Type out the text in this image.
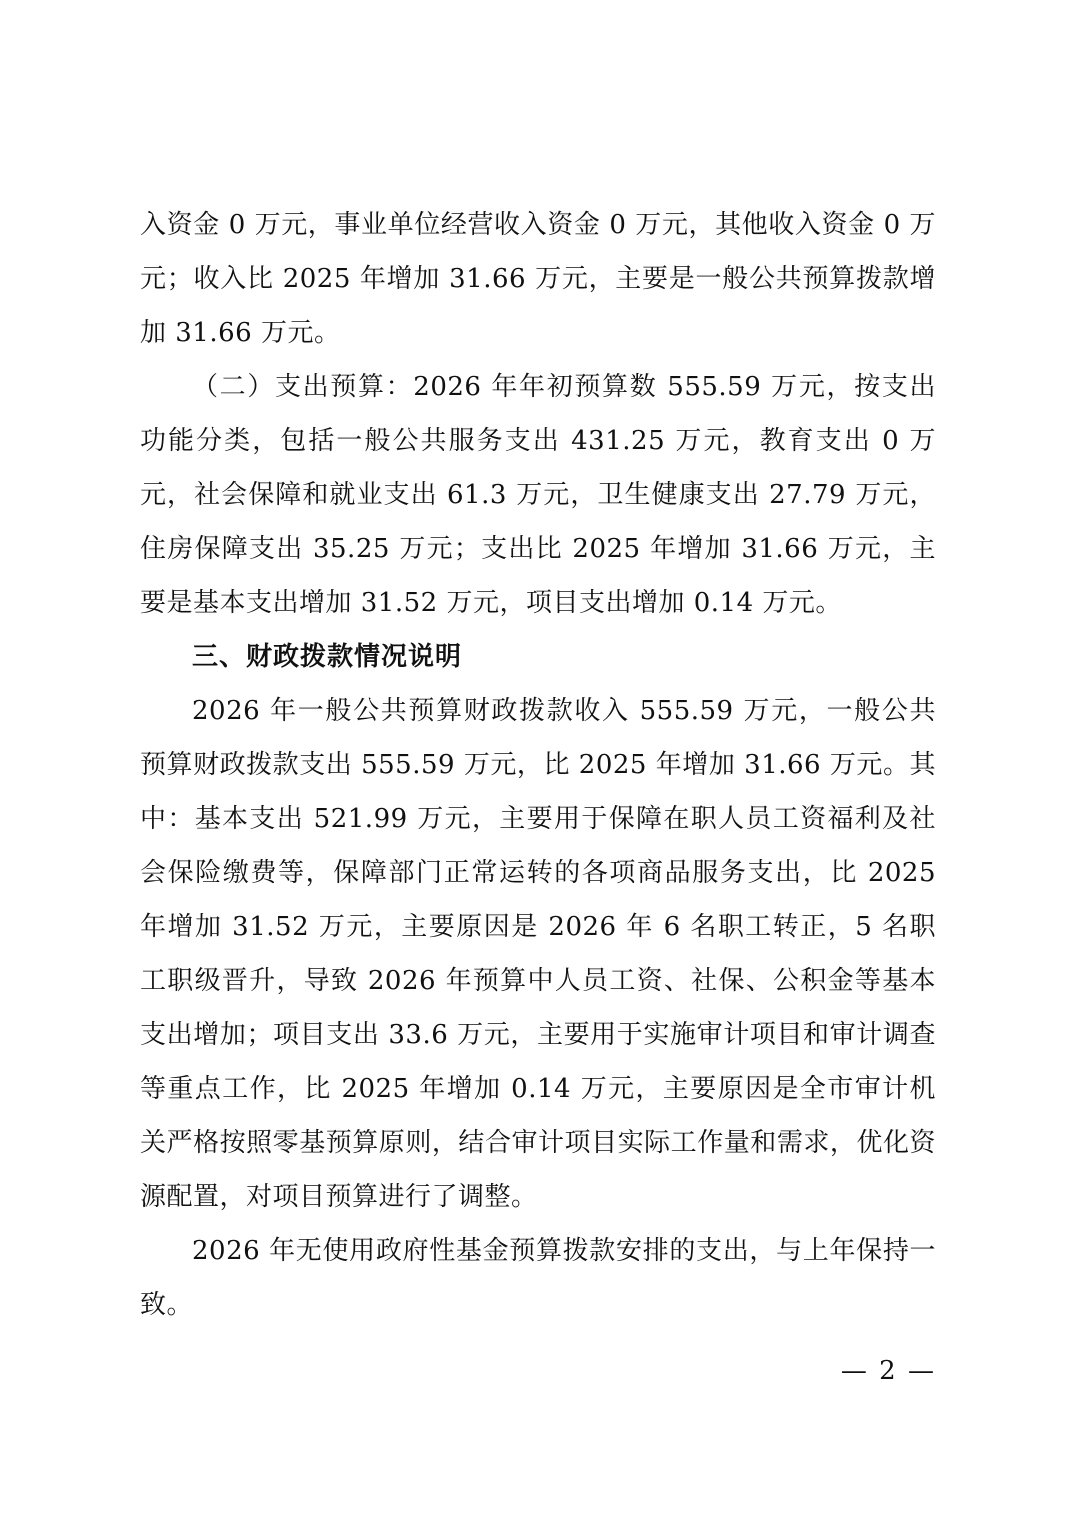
入资金 0 万元，事业单位经营收入资金 0 万元，其他收入资金 0 万元；收入比 2025 年增加 31.66 万元，主要是一般公共预算拨款增加 31.66 万元。

（二）支出预算：2026 年年初预算数 555.59 万元，按支出功能分类，包括一般公共服务支出 431.25 万元，教育支出 0 万元，社会保障和就业支出 61.3 万元，卫生健康支出 27.79 万元，住房保障支出 35.25 万元；支出比 2025 年增加 31.66 万元，主要是基本支出增加 31.52 万元，项目支出增加 0.14 万元。

三、财政拨款情况说明

2026 年一般公共预算财政拨款收入 555.59 万元，一般公共预算财政拨款支出 555.59 万元，比 2025 年增加 31.66 万元。其中：基本支出 521.99 万元，主要用于保障在职人员工资福利及社会保险缴费等，保障部门正常运转的各项商品服务支出，比 2025 年增加 31.52 万元，主要原因是 2026 年 6 名职工转正，5 名职工职级晋升，导致 2026 年预算中人员工资、社保、公积金等基本支出增加；项目支出 33.6 万元，主要用于实施审计项目和审计调查等重点工作，比 2025 年增加 0.14 万元，主要原因是全市审计机关严格按照零基预算原则，结合审计项目实际工作量和需求，优化资源配置，对项目预算进行了调整。

2026 年无使用政府性基金预算拨款安排的支出，与上年保持一致。

— 2 —
